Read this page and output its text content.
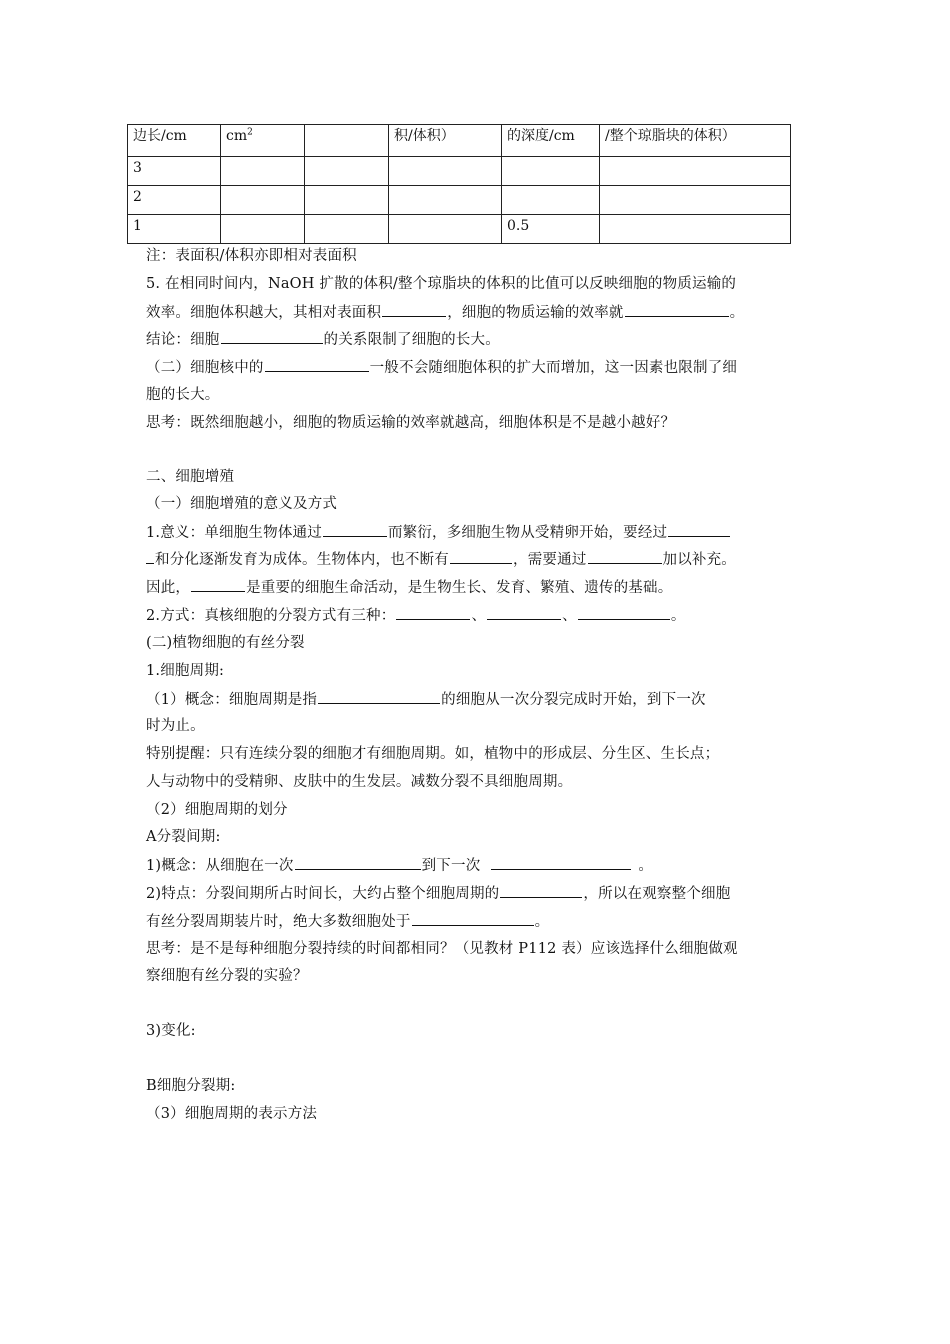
边长/cm	$cm^2$		积/体积）	的深度/cm	/整个琼脂块的体积）
3					
2					
1				0.5	
注：表面积/体积亦即相对表面积
5. 在相同时间内，NaOH 扩散的体积/整个琼脂块的体积的比值可以反映细胞的物质运输的
效率。细胞体积越大，其相对表面积	，细胞的物质运输的效率就	。
结论：细胞	的关系限制了细胞的长大。
（二）细胞核中的	一般不会随细胞体积的扩大而增加，这一因素也限制了细
胞的长大。
思考：既然细胞越小，细胞的物质运输的效率就越高，细胞体积是不是越小越好？
二、细胞增殖
（一）细胞增殖的意义及方式
1.意义：单细胞生物体通过	而繁衍，多细胞生物从受精卵开始，要经过
和分化逐渐发育为成体。生物体内，也不断有	，需要通过	加以补充。
因此，	是重要的细胞生命活动，是生物生长、发育、繁殖、遗传的基础。
2.方式：真核细胞的分裂方式有三种：	、	、	。
(二)植物细胞的有丝分裂
1.细胞周期:
（1）概念：细胞周期是指	的细胞从一次分裂完成时开始，到下一次
时为止。
特别提醒：只有连续分裂的细胞才有细胞周期。如，植物中的形成层、分生区、生长点；
人与动物中的受精卵、皮肤中的生发层。减数分裂不具细胞周期。
（2）细胞周期的划分
A分裂间期:
1)概念：从细胞在一次	到下一次	。
2)特点：分裂间期所占时间长，大约占整个细胞周期的	，所以在观察整个细胞
有丝分裂周期装片时，绝大多数细胞处于	。
思考：是不是每种细胞分裂持续的时间都相同？（见教材 P112 表）应该选择什么细胞做观
察细胞有丝分裂的实验？
3)变化:
B细胞分裂期:
（3）细胞周期的表示方法
